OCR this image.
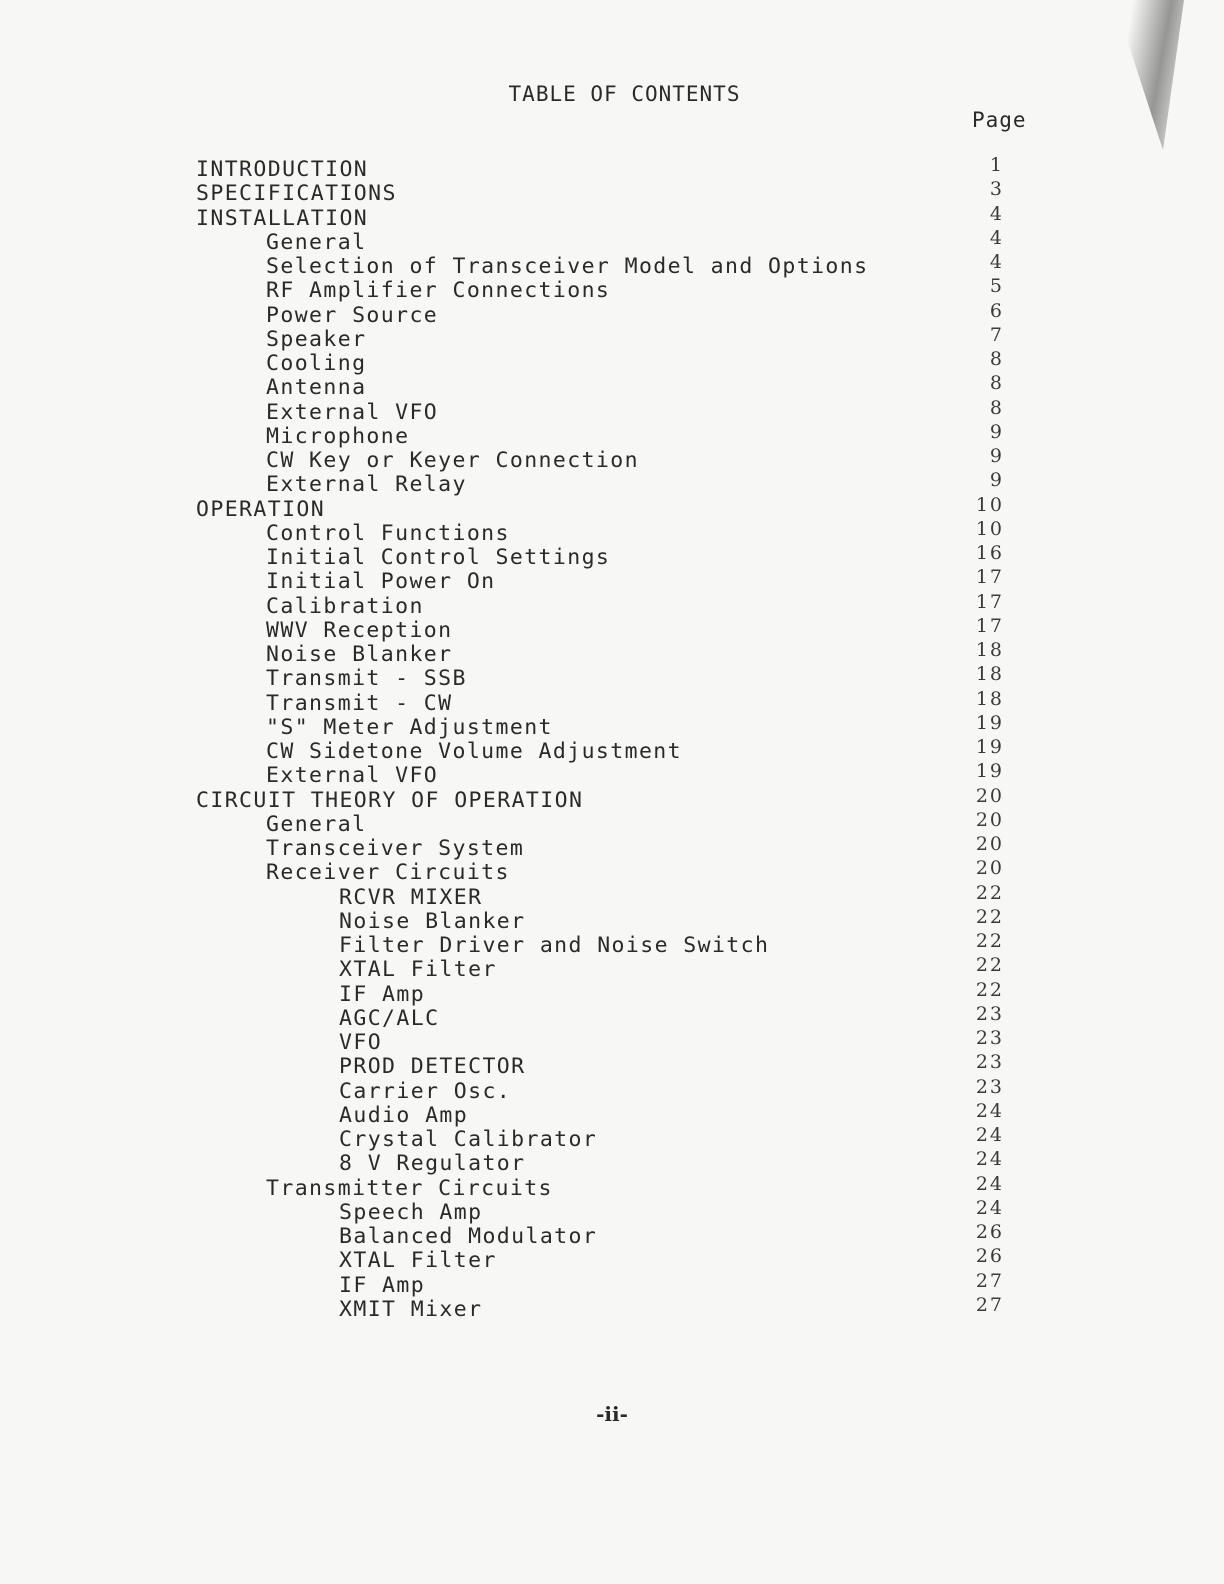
TABLE OF CONTENTS
Page
INTRODUCTION	1
SPECIFICATIONS	3
INSTALLATION	4
General	4
Selection of Transceiver Model and Options	4
RF Amplifier Connections	5
Power Source	6
Speaker	7
Cooling	8
Antenna	8
External VFO	8
Microphone	9
CW Key or Keyer Connection	9
External Relay	9
OPERATION	10
Control Functions	10
Initial Control Settings	16
Initial Power On	17
Calibration	17
WWV Reception	17
Noise Blanker	18
Transmit - SSB	18
Transmit - CW	18
"S" Meter Adjustment	19
CW Sidetone Volume Adjustment	19
External VFO	19
CIRCUIT THEORY OF OPERATION	20
General	20
Transceiver System	20
Receiver Circuits	20
RCVR MIXER	22
Noise Blanker	22
Filter Driver and Noise Switch	22
XTAL Filter	22
IF Amp	22
AGC/ALC	23
VFO	23
PROD DETECTOR	23
Carrier Osc.	23
Audio Amp	24
Crystal Calibrator	24
8 V Regulator	24
Transmitter Circuits	24
Speech Amp	24
Balanced Modulator	26
XTAL Filter	26
IF Amp	27
XMIT Mixer	27
-ii-
